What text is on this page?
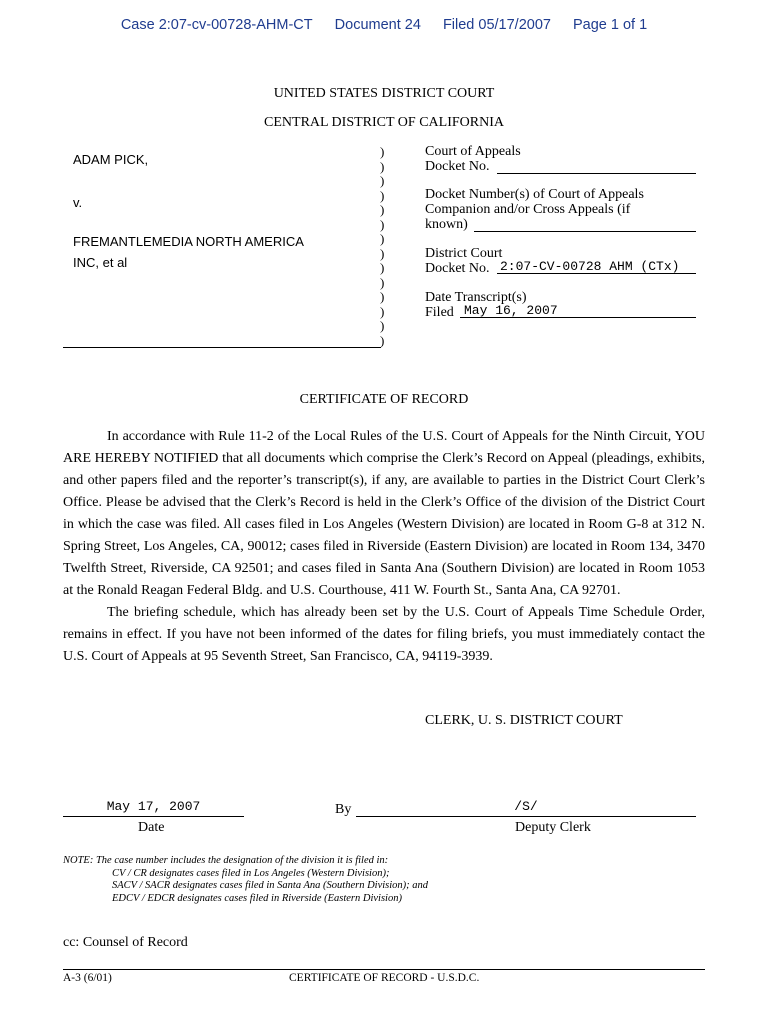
Case 2:07-cv-00728-AHM-CT Document 24 Filed 05/17/2007 Page 1 of 1
UNITED STATES DISTRICT COURT
CENTRAL DISTRICT OF CALIFORNIA
ADAM PICK,
v.
FREMANTLEMEDIA NORTH AMERICA
INC, et al
)
)
)
)
)
)
)
)
)
)
)
)
)
)
Court of Appeals
Docket No.
Docket Number(s) of Court of Appeals
Companion and/or Cross Appeals (if
known)
District Court
Docket No. 2:07-CV-00728 AHM (CTx)
Date Transcript(s)
Filed May 16, 2007
CERTIFICATE OF RECORD

In accordance with Rule 11-2 of the Local Rules of the U.S. Court of Appeals for the Ninth Circuit, YOU ARE HEREBY NOTIFIED that all documents which comprise the Clerk’s Record on Appeal (pleadings, exhibits, and other papers filed and the reporter’s transcript(s), if any, are available to parties in the District Court Clerk’s Office. Please be advised that the Clerk’s Record is held in the Clerk’s Office of the division of the District Court in which the case was filed. All cases filed in Los Angeles (Western Division) are located in Room G-8 at 312 N. Spring Street, Los Angeles, CA, 90012; cases filed in Riverside (Eastern Division) are located in Room 134, 3470 Twelfth Street, Riverside, CA 92501; and cases filed in Santa Ana (Southern Division) are located in Room 1053 at the Ronald Reagan Federal Bldg. and U.S. Courthouse, 411 W. Fourth St., Santa Ana, CA 92701.

The briefing schedule, which has already been set by the U.S. Court of Appeals Time Schedule Order, remains in effect. If you have not been informed of the dates for filing briefs, you must immediately contact the U.S. Court of Appeals at 95 Seventh Street, San Francisco, CA, 94119-3939.

CLERK, U. S. DISTRICT COURT
May 17, 2007
Date
By	/S/
Deputy Clerk
NOTE: The case number includes the designation of the division it is filed in:
CV / CR designates cases filed in Los Angeles (Western Division);
SACV / SACR designates cases filed in Santa Ana (Southern Division); and
EDCV / EDCR designates cases filed in Riverside (Eastern Division)
cc: Counsel of Record
A-3 (6/01)	CERTIFICATE OF RECORD - U.S.D.C.
